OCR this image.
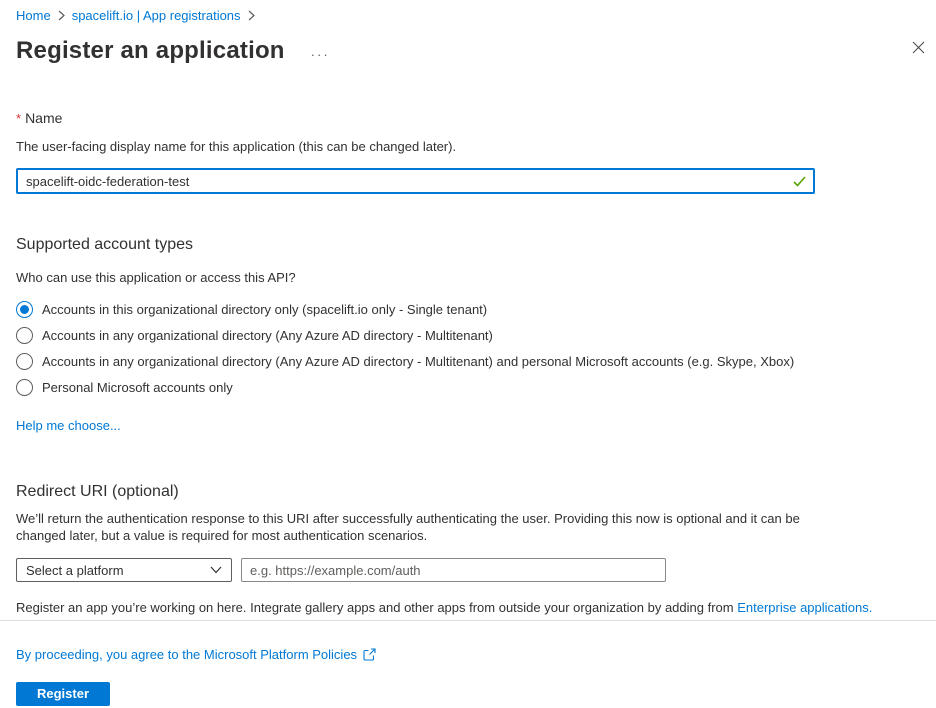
Home spacelift.io | App registrations
Register an application ···
* Name
The user-facing display name for this application (this can be changed later).
spacelift-oidc-federation-test
Supported account types
Who can use this application or access this API?
Accounts in this organizational directory only (spacelift.io only - Single tenant)
Accounts in any organizational directory (Any Azure AD directory - Multitenant)
Accounts in any organizational directory (Any Azure AD directory - Multitenant) and personal Microsoft accounts (e.g. Skype, Xbox)
Personal Microsoft accounts only
Help me choose...
Redirect URI (optional)
We’ll return the authentication response to this URI after successfully authenticating the user. Providing this now is optional and it can be changed later, but a value is required for most authentication scenarios.
Select a platform
e.g. https://example.com/auth
Register an app you’re working on here. Integrate gallery apps and other apps from outside your organization by adding from Enterprise applications.
By proceeding, you agree to the Microsoft Platform Policies
Register
